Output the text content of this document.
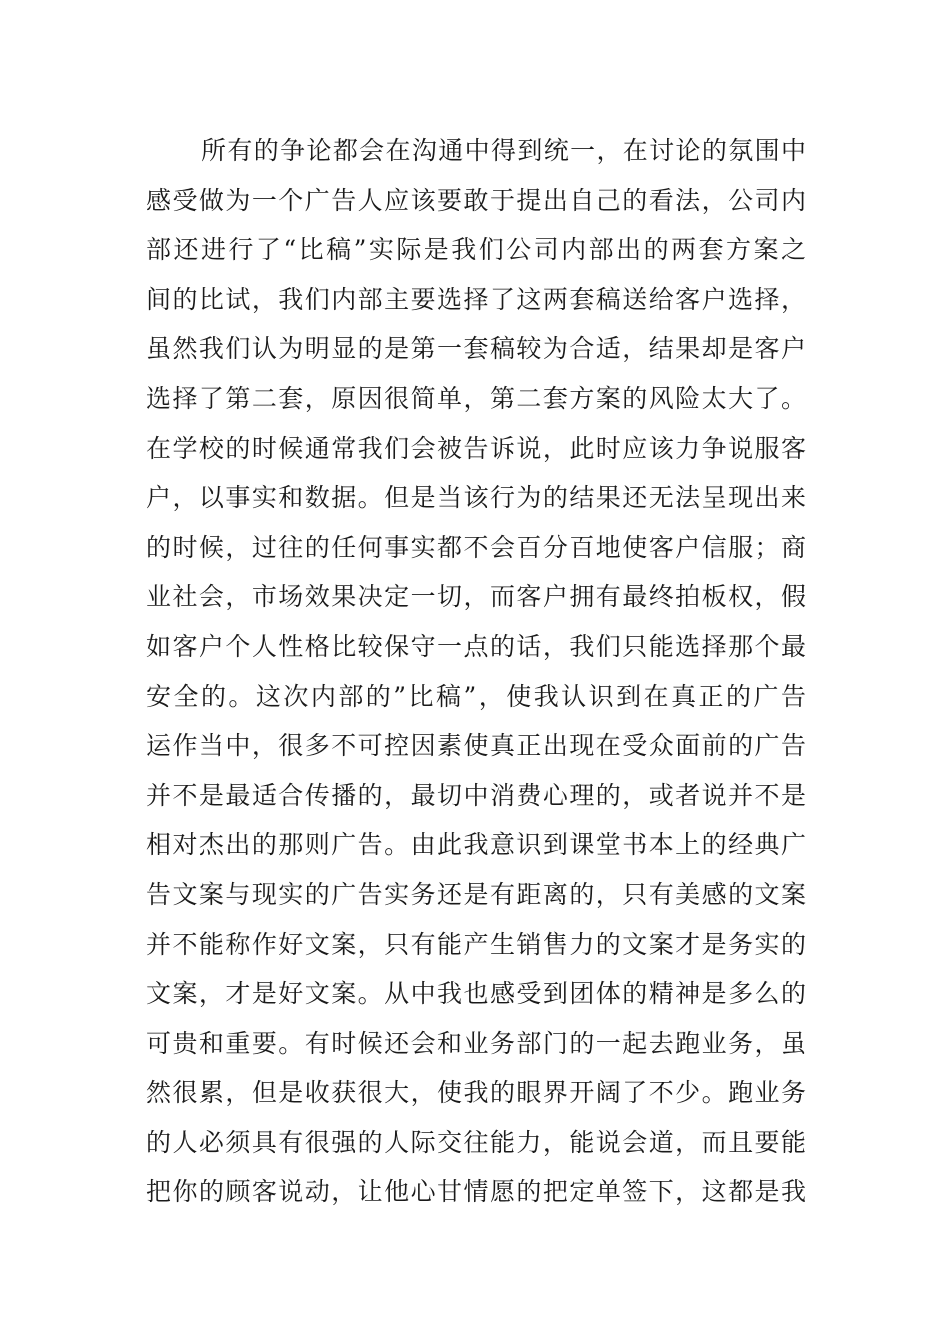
所有的争论都会在沟通中得到统一，在讨论的氛围中
感受做为一个广告人应该要敢于提出自己的看法，公司内
部还进行了“比稿”实际是我们公司内部出的两套方案之
间的比试，我们内部主要选择了这两套稿送给客户选择，
虽然我们认为明显的是第一套稿较为合适，结果却是客户
选择了第二套，原因很简单，第二套方案的风险太大了。
在学校的时候通常我们会被告诉说，此时应该力争说服客
户，以事实和数据。但是当该行为的结果还无法呈现出来
的时候，过往的任何事实都不会百分百地使客户信服；商
业社会，市场效果决定一切，而客户拥有最终拍板权，假
如客户个人性格比较保守一点的话，我们只能选择那个最
安全的。这次内部的”比稿”，使我认识到在真正的广告
运作当中，很多不可控因素使真正出现在受众面前的广告
并不是最适合传播的，最切中消费心理的，或者说并不是
相对杰出的那则广告。由此我意识到课堂书本上的经典广
告文案与现实的广告实务还是有距离的，只有美感的文案
并不能称作好文案，只有能产生销售力的文案才是务实的
文案，才是好文案。从中我也感受到团体的精神是多么的
可贵和重要。有时候还会和业务部门的一起去跑业务，虽
然很累，但是收获很大，使我的眼界开阔了不少。跑业务
的人必须具有很强的人际交往能力，能说会道，而且要能
把你的顾客说动，让他心甘情愿的把定单签下，这都是我
